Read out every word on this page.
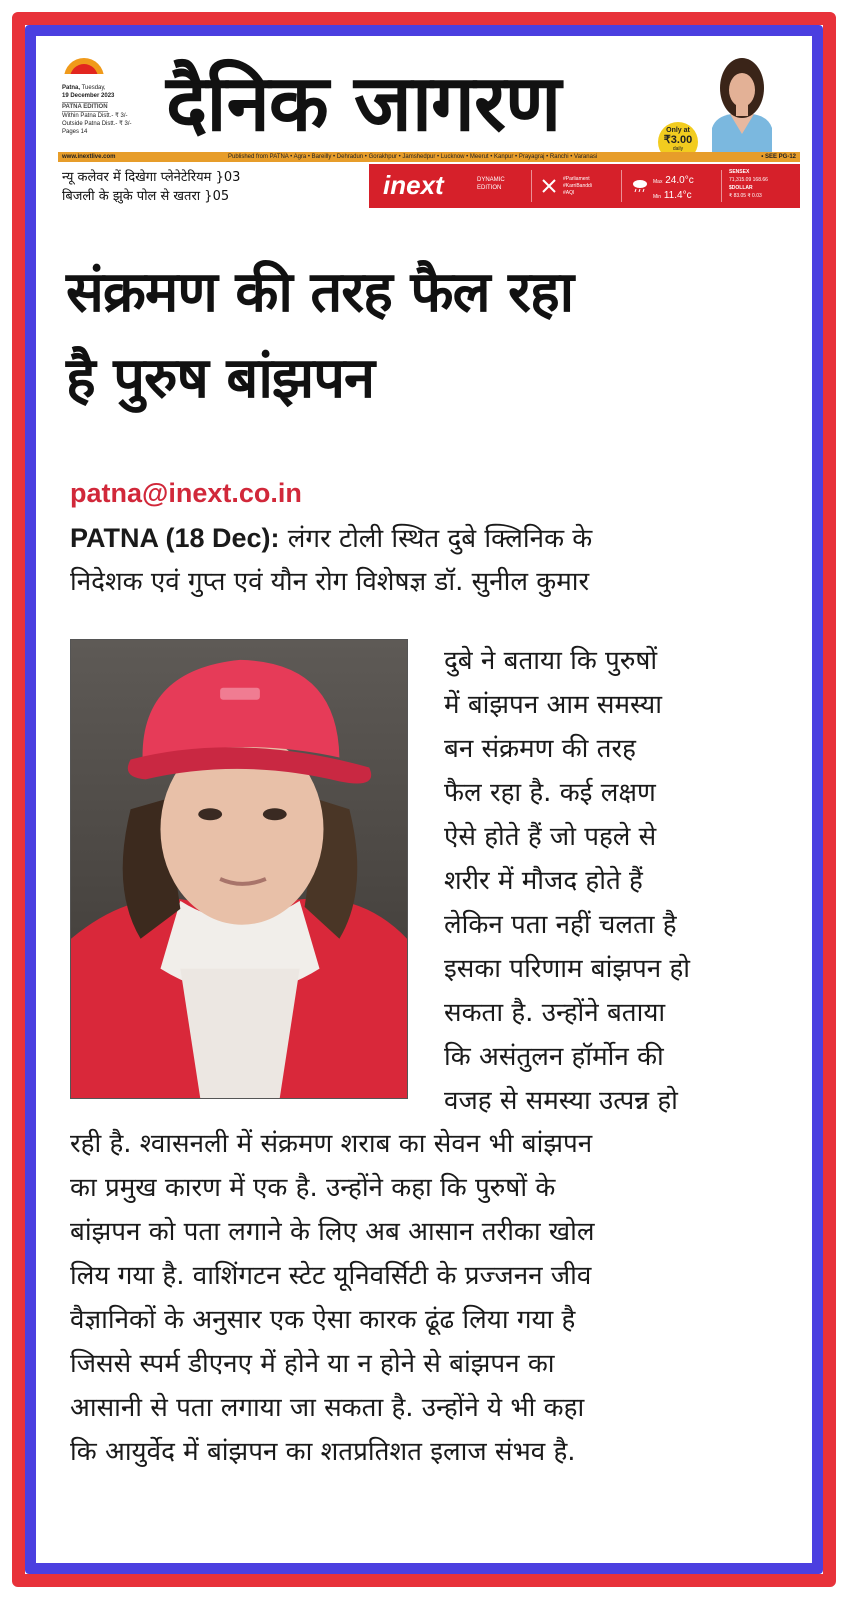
Patna, Tuesday,
19 December 2023
PATNA EDITION
Within Patna Distt.- ₹ 3/-
Outside Patna Distt.- ₹ 3/-
Pages 14	दैनिक जागरण	Only at
₹3.00
daily
www.inextlive.com	Published from PATNA • Agra • Bareilly • Dehradun • Gorakhpur • Jamshedpur • Lucknow • Meerut • Kanpur • Prayagraj • Ranchi • Varanasi	• SEE PG-12
न्यू कलेवर में दिखेगा प्लेनेटेरियम }03
बिजली के झुके पोल से खतरा }05	inext	DYNAMIC
EDITION
#Parliament
#KarriBanddi
#AQI
Max 24.0°c
Min 11.4°c
SENSEX
71,315.09 168.66
$DOLLAR
₹ 83.05 ₹ 0.03
संक्रमण की तरह फैल रहा
है पुरुष बांझपन
patna@inext.co.in
PATNA (18 Dec): लंगर टोली स्थित दुबे क्लिनिक के
निदेशक एवं गुप्त एवं यौन रोग विशेषज्ञ डॉ. सुनील कुमार
दुबे ने बताया कि पुरुषों
में बांझपन आम समस्या
बन संक्रमण की तरह
फैल रहा है. कई लक्षण
ऐसे होते हैं जो पहले से
शरीर में मौजद होते हैं
लेकिन पता नहीं चलता है
इसका परिणाम बांझपन हो
सकता है. उन्होंने बताया
कि असंतुलन हॉर्मोन की
वजह से समस्या उत्पन्न हो
रही है. श्वासनली में संक्रमण शराब का सेवन भी बांझपन
का प्रमुख कारण में एक है. उन्होंने कहा कि पुरुषों के
बांझपन को पता लगाने के लिए अब आसान तरीका खोल
लिय गया है. वाशिंगटन स्टेट यूनिवर्सिटी के प्रज्जनन जीव
वैज्ञानिकों के अनुसार एक ऐसा कारक ढूंढ लिया गया है
जिससे स्पर्म डीएनए में होने या न होने से बांझपन का
आसानी से पता लगाया जा सकता है. उन्होंने ये भी कहा
कि आयुर्वेद में बांझपन का शतप्रतिशत इलाज संभव है.
